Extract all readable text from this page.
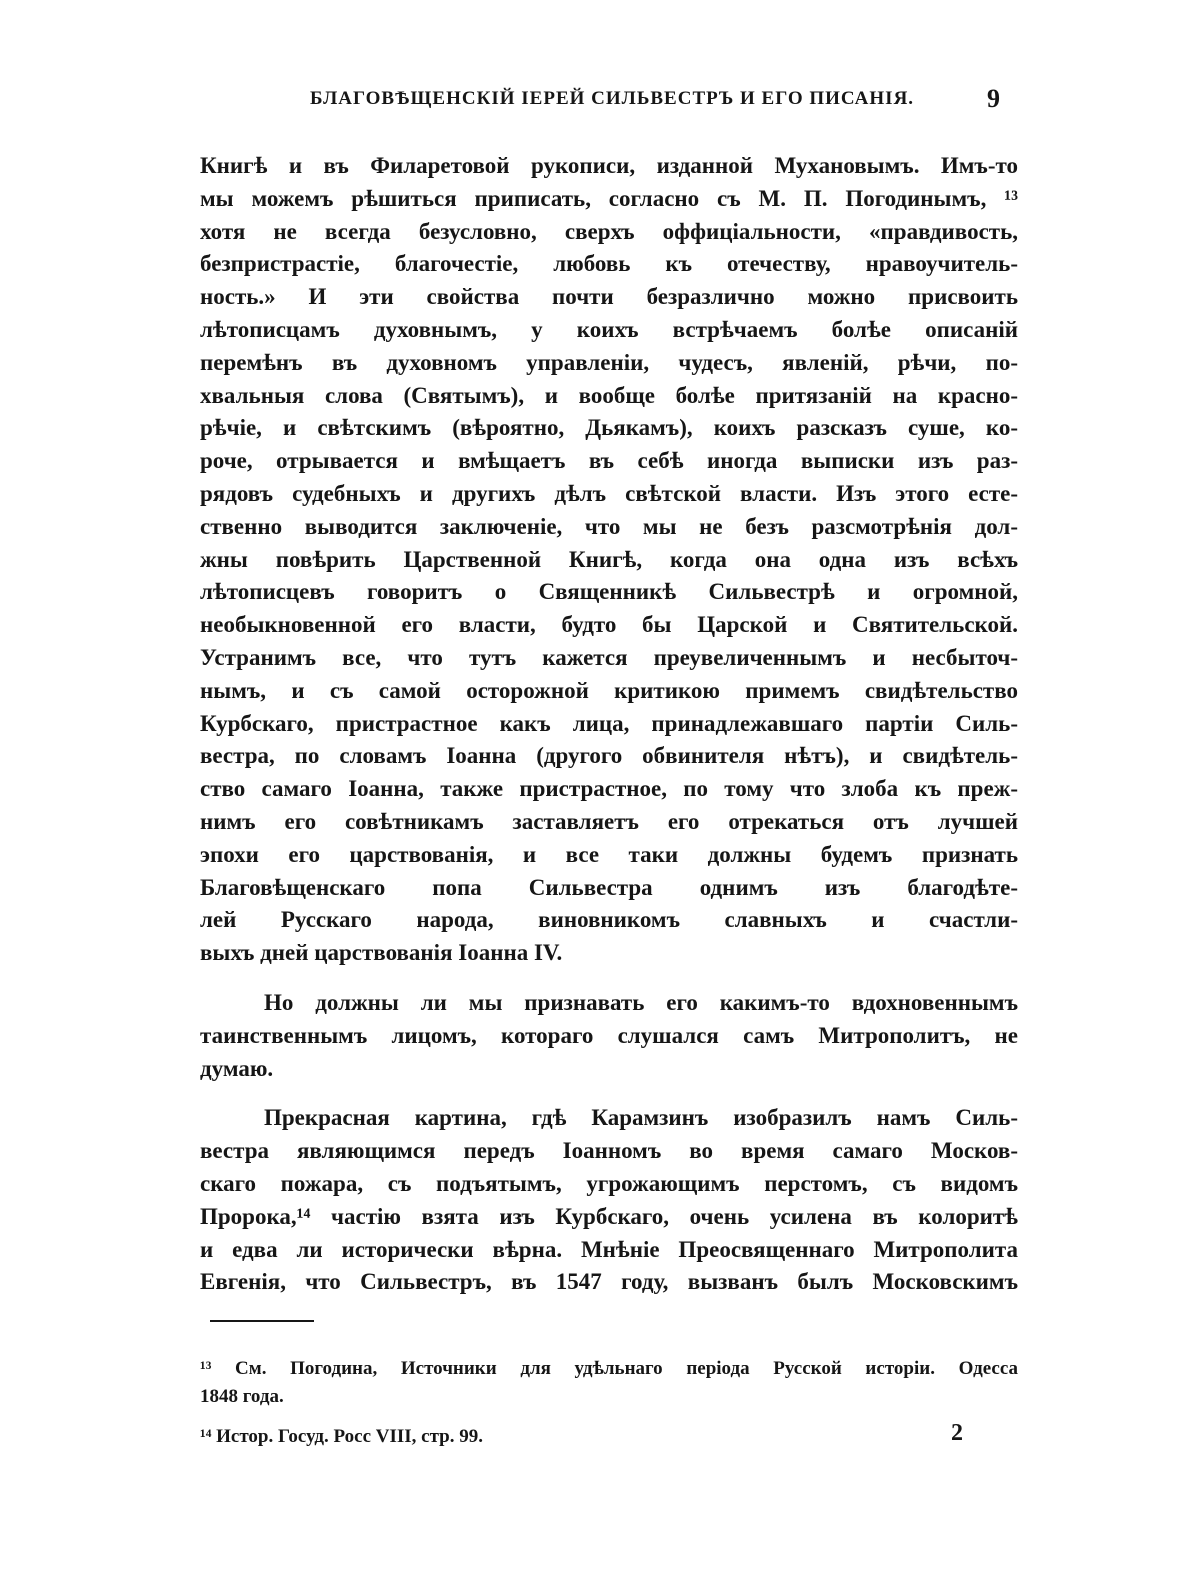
БЛАГОВѢЩЕНСКІЙ ІЕРЕЙ СИЛЬВЕСТРЪ И ЕГО ПИСАНІЯ.	9
Книгѣ и въ Филаретовой рукописи, изданной Мухановымъ. Имъ-то
мы можемъ рѣшиться приписать, согласно съ М. П. Погодинымъ, ¹³
хотя не всегда безусловно, сверхъ оффиціальности, «правдивость,
безпристрастіе, благочестіе, любовь къ отечеству, нравоучитель-
ность.» И эти свойства почти безразлично можно присвоить
лѣтописцамъ духовнымъ, у коихъ встрѣчаемъ болѣе описаній
перемѣнъ въ духовномъ управленіи, чудесъ, явленій, рѣчи, по-
хвальныя слова (Святымъ), и вообще болѣе притязаній на красно-
рѣчіе, и свѣтскимъ (вѣроятно, Дьякамъ), коихъ разсказъ суше, ко-
роче, отрывается и вмѣщаетъ въ себѣ иногда выписки изъ раз-
рядовъ судебныхъ и другихъ дѣлъ свѣтской власти. Изъ этого есте-
ственно выводится заключеніе, что мы не безъ разсмотрѣнія дол-
жны повѣрить Царственной Книгѣ, когда она одна изъ всѣхъ
лѣтописцевъ говоритъ о Священникѣ Сильвестрѣ и огромной,
необыкновенной его власти, будто бы Царской и Святительской.
Устранимъ все, что тутъ кажется преувеличеннымъ и несбыточ-
нымъ, и съ самой осторожной критикою примемъ свидѣтельство
Курбскаго, пристрастное какъ лица, принадлежавшаго партіи Силь-
вестра, по словамъ Іоанна (другого обвинителя нѣтъ), и свидѣтель-
ство самаго Іоанна, также пристрастное, по тому что злоба къ преж-
нимъ его совѣтникамъ заставляетъ его отрекаться отъ лучшей
эпохи его царствованія, и все таки должны будемъ признать
Благовѣщенскаго попа Сильвестра однимъ изъ благодѣте-
лей Русскаго народа, виновникомъ славныхъ и счастли-
выхъ дней царствованія Іоанна IV.
Но должны ли мы признавать его какимъ-то вдохновеннымъ
таинственнымъ лицомъ, котораго слушался самъ Митрополитъ, не
думаю.
Прекрасная картина, гдѣ Карамзинъ изобразилъ намъ Силь-
вестра являющимся передъ Іоанномъ во время самаго Москов-
скаго пожара, съ подъятымъ, угрожающимъ перстомъ, съ видомъ
Пророка,¹⁴ частію взята изъ Курбскаго, очень усилена въ колоритѣ
и едва ли исторически вѣрна. Мнѣніе Преосвященнаго Митрополита
Евгенія, что Сильвестръ, въ 1547 году, вызванъ былъ Московскимъ
¹³ См. Погодина, Источники для удѣльнаго періода Русской исторіи. Одесса
1848 года.
¹⁴ Истор. Госуд. Росс VIII, стр. 99.	2
